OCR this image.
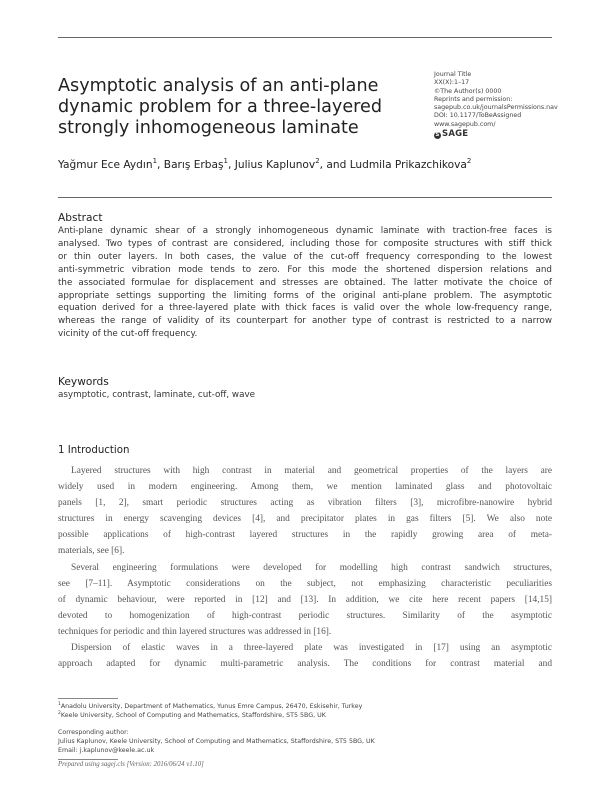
Asymptotic analysis of an anti-plane
dynamic problem for a three-layered
strongly inhomogeneous laminate
Journal Title
XX(X):1–17
©The Author(s) 0000
Reprints and permission:
sagepub.co.uk/journalsPermissions.nav
DOI: 10.1177/ToBeAssigned
www.sagepub.com/
S SAGE
Yağmur Ece Aydın$^1$, Barış Erbaş$^1$, Julius Kaplunov$^2$, and Ludmila Prikazchikova$^2$
Abstract
Anti-plane dynamic shear of a strongly inhomogeneous dynamic laminate with traction-free faces is
analysed. Two types of contrast are considered, including those for composite structures with stiff thick
or thin outer layers. In both cases, the value of the cut-off frequency corresponding to the lowest
anti-symmetric vibration mode tends to zero. For this mode the shortened dispersion relations and
the associated formulae for displacement and stresses are obtained. The latter motivate the choice of
appropriate settings supporting the limiting forms of the original anti-plane problem. The asymptotic
equation derived for a three-layered plate with thick faces is valid over the whole low-frequency range,
whereas the range of validity of its counterpart for another type of contrast is restricted to a narrow
vicinity of the cut-off frequency.
Keywords
asymptotic, contrast, laminate, cut-off, wave
1 Introduction
Layered structures with high contrast in material and geometrical properties of the layers are
widely used in modern engineering. Among them, we mention laminated glass and photovoltaic
panels [1, 2], smart periodic structures acting as vibration filters [3], microfibre-nanowire hybrid
structures in energy scavenging devices [4], and precipitator plates in gas filters [5]. We also note
possible applications of high-contrast layered structures in the rapidly growing area of meta-
materials, see [6].
Several engineering formulations were developed for modelling high contrast sandwich structures,
see [7–11]. Asymptotic considerations on the subject, not emphasizing characteristic peculiarities
of dynamic behaviour, were reported in [12] and [13]. In addition, we cite here recent papers [14,15]
devoted to homogenization of high-contrast periodic structures. Similarity of the asymptotic
techniques for periodic and thin layered structures was addressed in [16].
Dispersion of elastic waves in a three-layered plate was investigated in [17] using an asymptotic
approach adapted for dynamic multi-parametric analysis. The conditions for contrast material and
$^1$Anadolu University, Department of Mathematics, Yunus Emre Campus, 26470, Eskisehir, Turkey
$^2$Keele University, School of Computing and Mathematics, Staffordshire, ST5 5BG, UK
Corresponding author:
Julius Kaplunov, Keele University, School of Computing and Mathematics, Staffordshire, ST5 5BG, UK
Email: j.kaplunov@keele.ac.uk
Prepared using sagej.cls [Version: 2016/06/24 v1.10]
